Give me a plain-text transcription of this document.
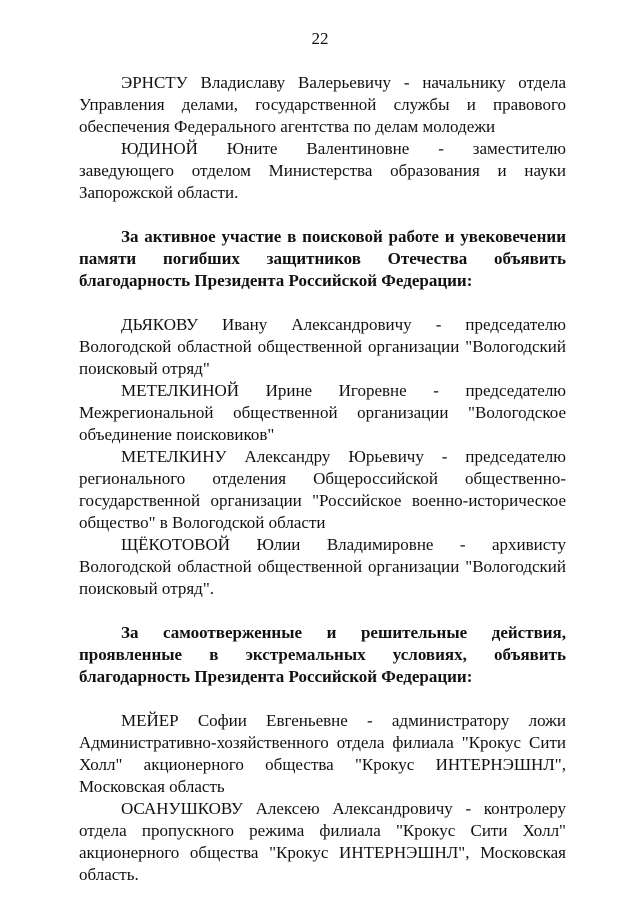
22

ЭРНСТУ Владиславу Валерьевичу - начальнику отдела Управления делами, государственной службы и правового обеспечения Федерального агентства по делам молодежи

ЮДИНОЙ Юните Валентиновне - заместителю заведующего отделом Министерства образования и науки Запорожской области.

За активное участие в поисковой работе и увековечении памяти погибших защитников Отечества объявить благодарность Президента Российской Федерации:

ДЬЯКОВУ Ивану Александровичу - председателю Вологодской областной общественной организации "Вологодский поисковый отряд"

МЕТЕЛКИНОЙ Ирине Игоревне - председателю Межрегиональной общественной организации "Вологодское объединение поисковиков"

МЕТЕЛКИНУ Александру Юрьевичу - председателю регионального отделения Общероссийской общественно-государственной организации "Российское военно-историческое общество" в Вологодской области

ЩЁКОТОВОЙ Юлии Владимировне - архивисту Вологодской областной общественной организации "Вологодский поисковый отряд".

За самоотверженные и решительные действия, проявленные в экстремальных условиях, объявить благодарность Президента Российской Федерации:

МЕЙЕР Софии Евгеньевне - администратору ложи Административно-хозяйственного отдела филиала "Крокус Сити Холл" акционерного общества "Крокус ИНТЕРНЭШНЛ", Московская область

ОСАНУШКОВУ Алексею Александровичу - контролеру отдела пропускного режима филиала "Крокус Сити Холл" акционерного общества "Крокус ИНТЕРНЭШНЛ", Московская область.
